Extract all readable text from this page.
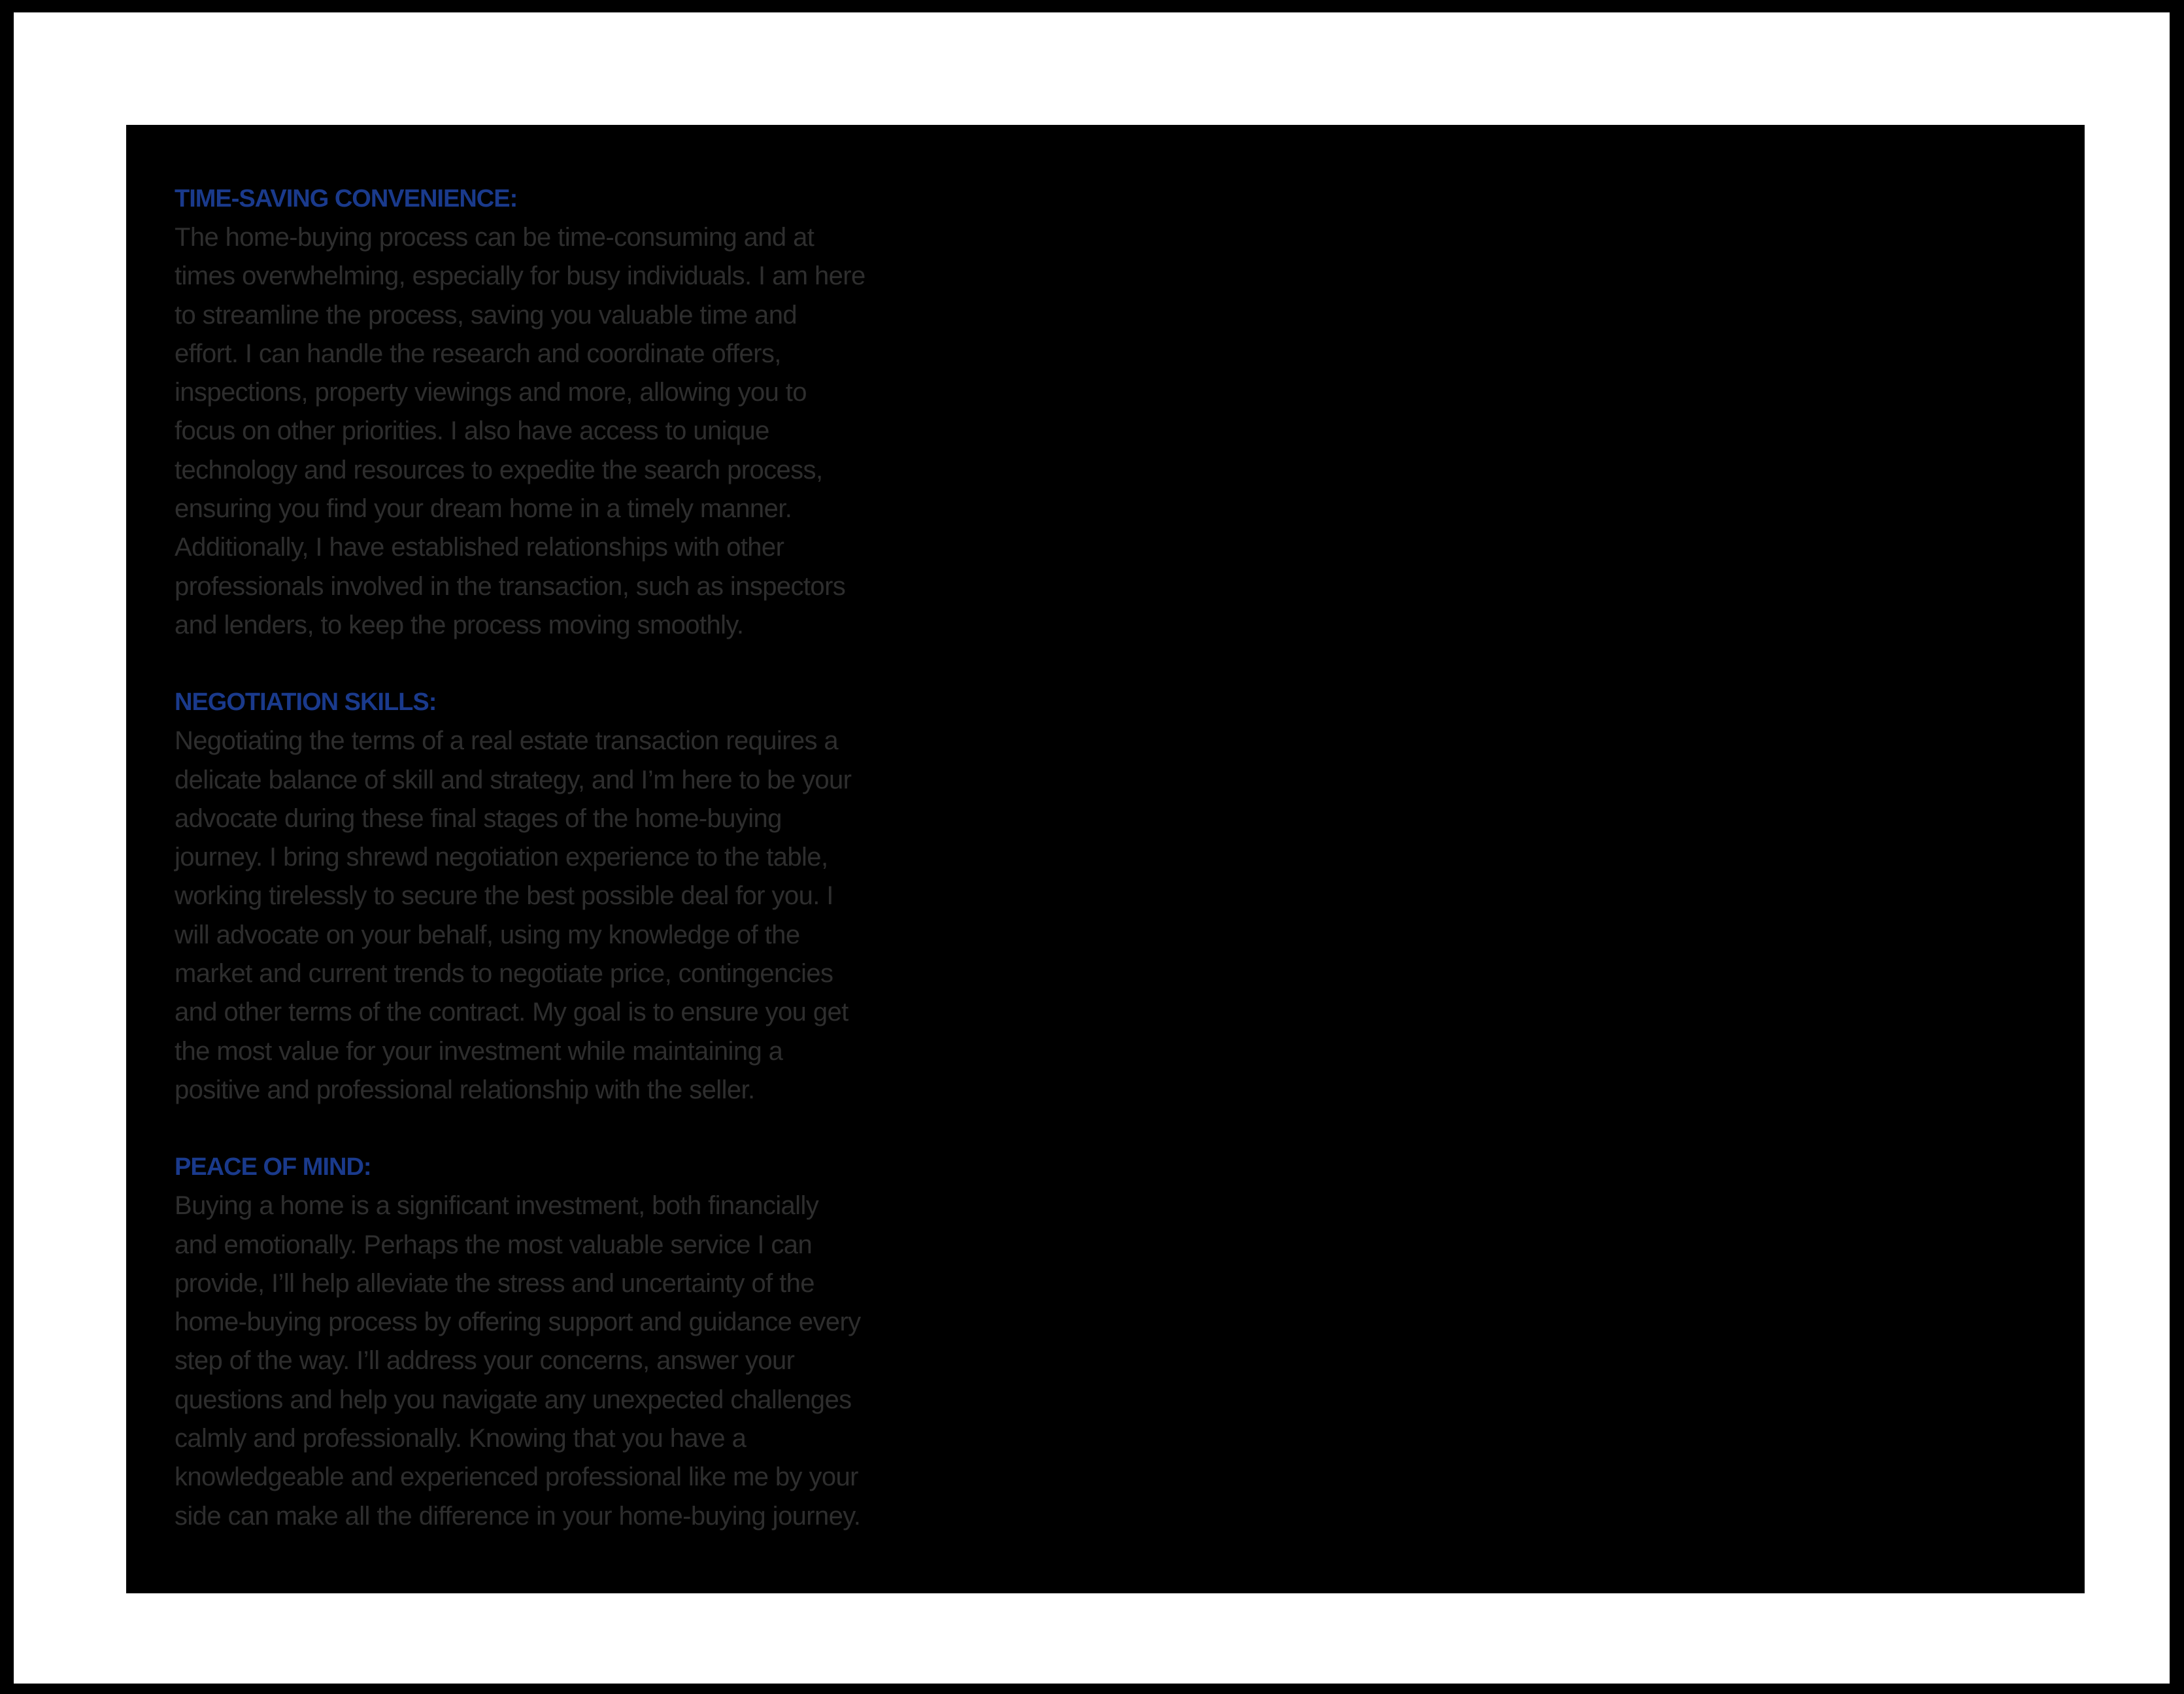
TIME-SAVING CONVENIENCE:

The home-buying process can be time-consuming and at

times overwhelming, especially for busy individuals. I am here

to streamline the process, saving you valuable time and

effort. I can handle the research and coordinate offers,

inspections, property viewings and more, allowing you to

focus on other priorities. I also have access to unique

technology and resources to expedite the search process,

ensuring you find your dream home in a timely manner.

Additionally, I have established relationships with other

professionals involved in the transaction, such as inspectors

and lenders, to keep the process moving smoothly.

NEGOTIATION SKILLS:

Negotiating the terms of a real estate transaction requires a

delicate balance of skill and strategy, and I’m here to be your

advocate during these final stages of the home-buying

journey. I bring shrewd negotiation experience to the table,

working tirelessly to secure the best possible deal for you. I

will advocate on your behalf, using my knowledge of the

market and current trends to negotiate price, contingencies

and other terms of the contract. My goal is to ensure you get

the most value for your investment while maintaining a

positive and professional relationship with the seller.

PEACE OF MIND:

Buying a home is a significant investment, both financially

and emotionally. Perhaps the most valuable service I can

provide, I’ll help alleviate the stress and uncertainty of the

home-buying process by offering support and guidance every

step of the way. I’ll address your concerns, answer your

questions and help you navigate any unexpected challenges

calmly and professionally. Knowing that you have a

knowledgeable and experienced professional like me by your

side can make all the difference in your home-buying journey.
